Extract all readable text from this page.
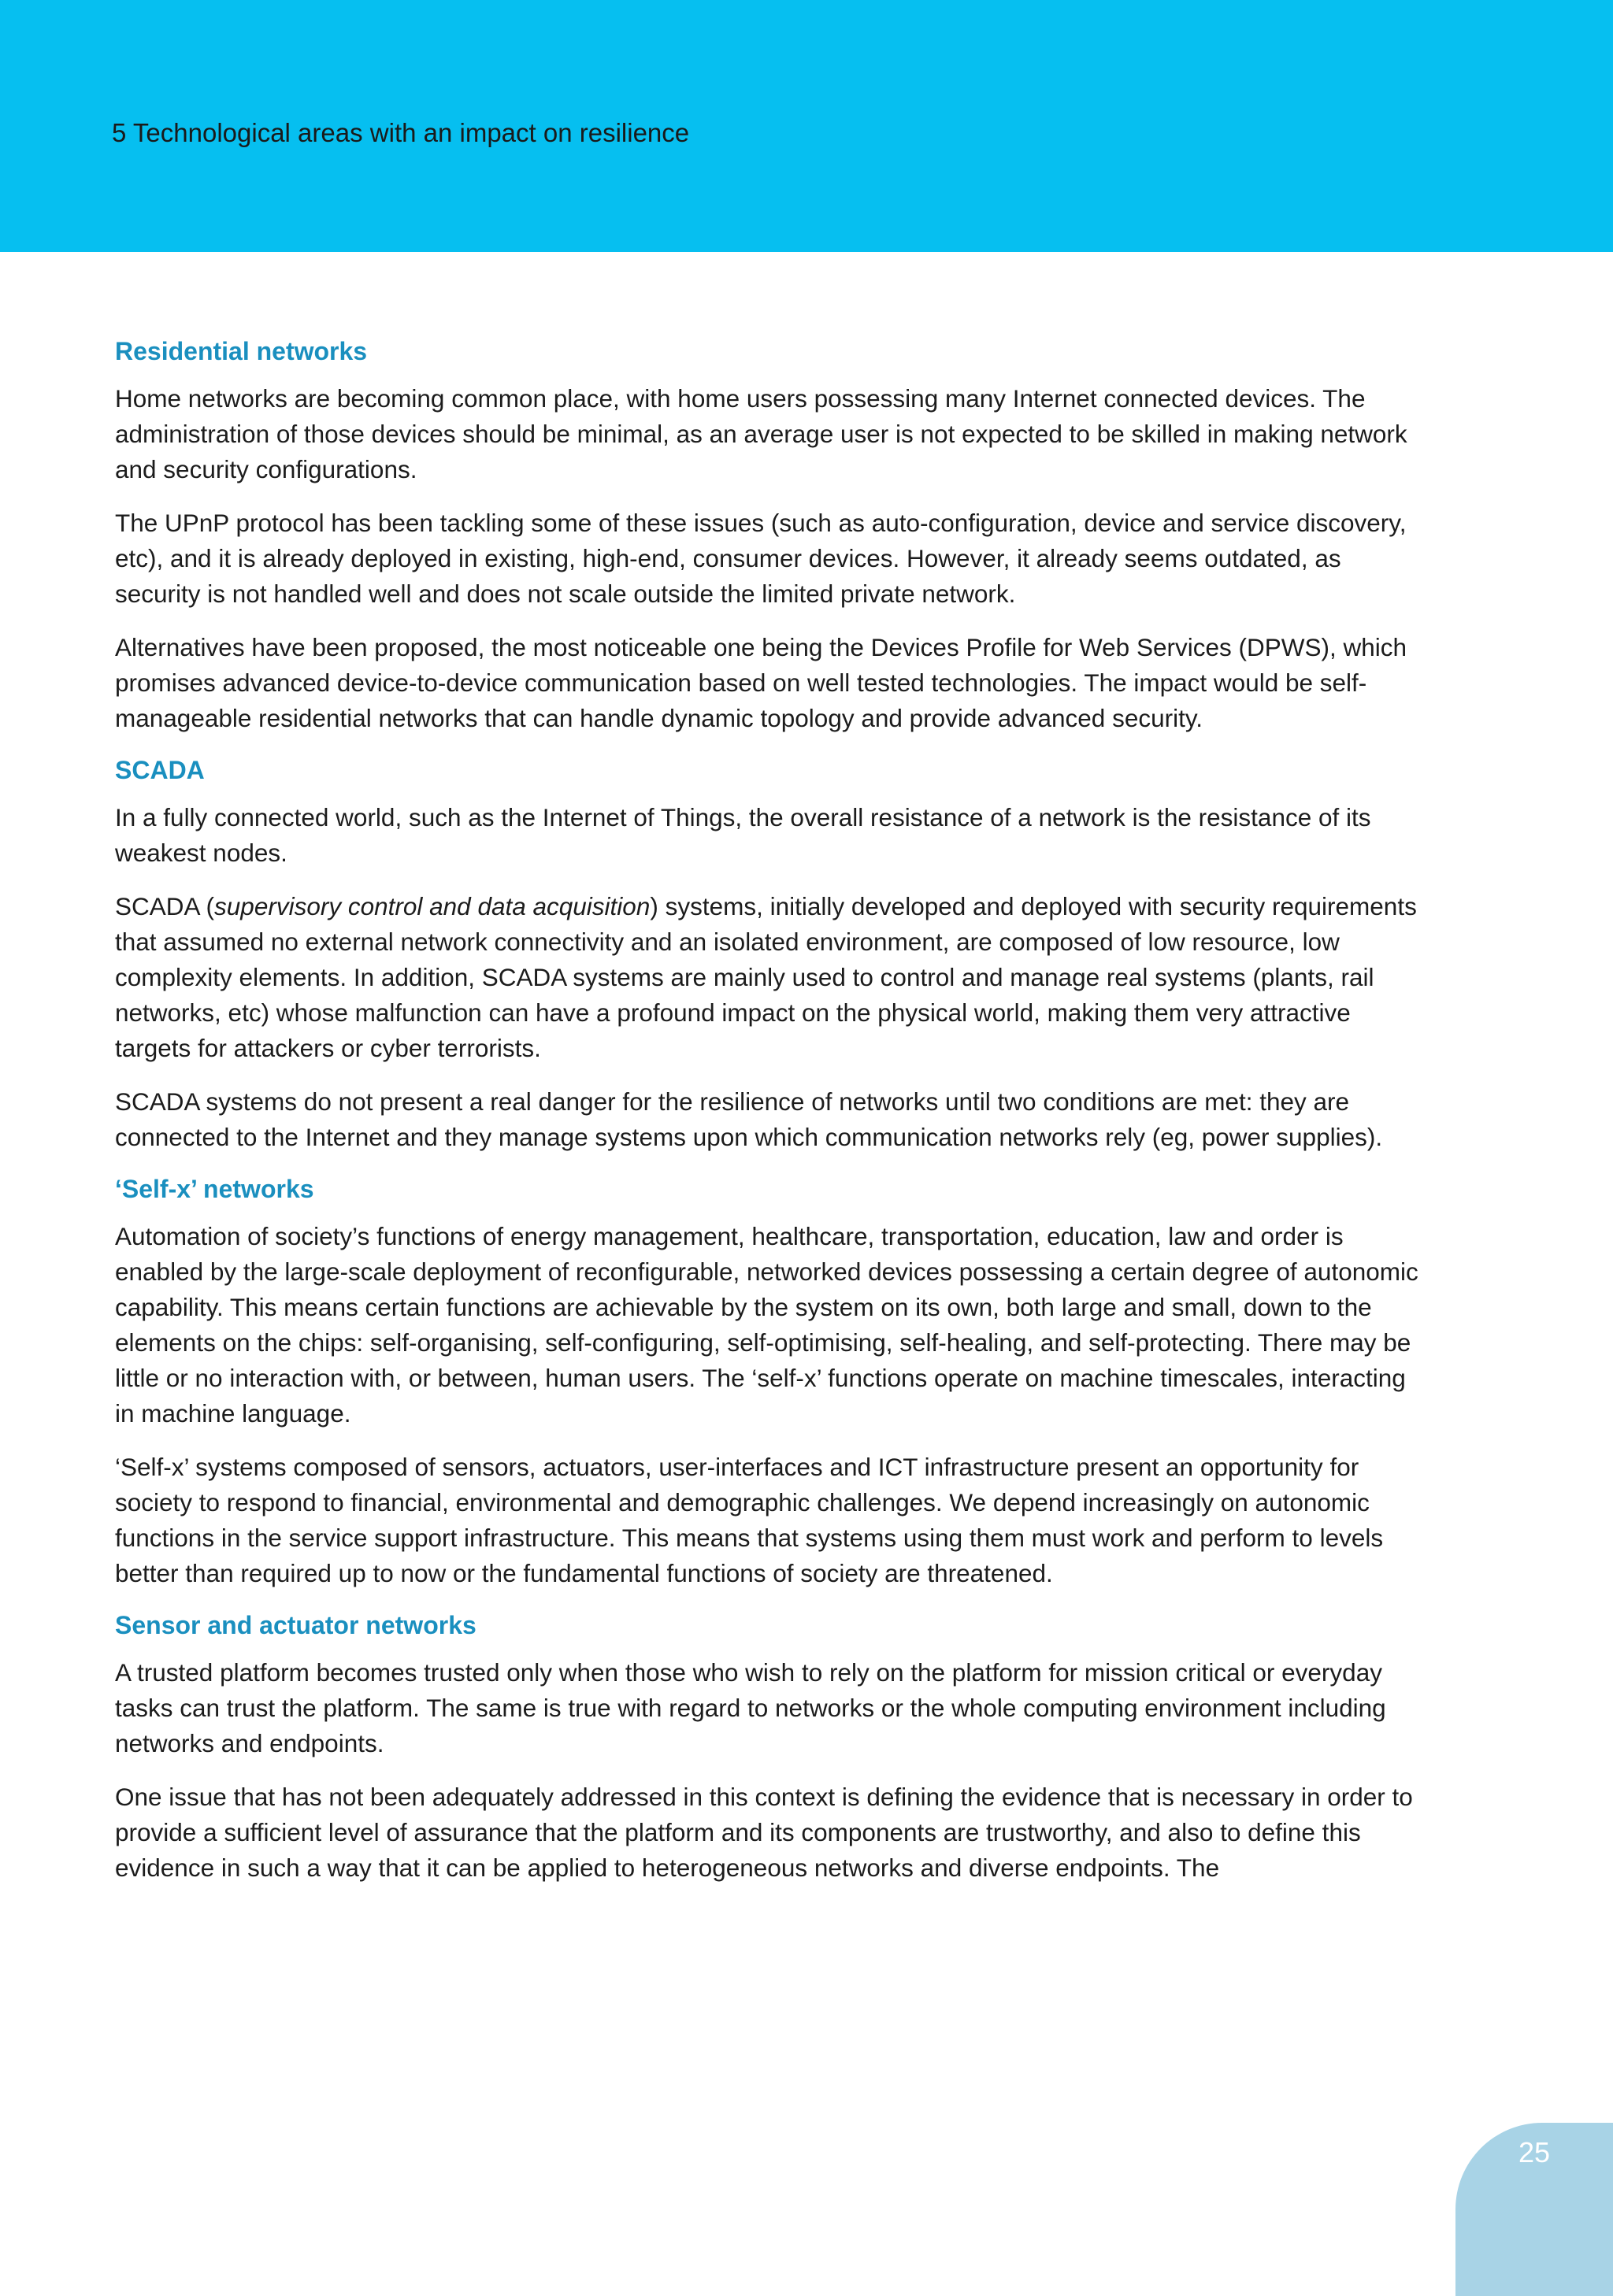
5 Technological areas with an impact on resilience
Residential networks

Home networks are becoming common place, with home users possessing many Internet connected devices. The administration of those devices should be minimal, as an average user is not expected to be skilled in making network and security configurations.

The UPnP protocol has been tackling some of these issues (such as auto-configuration, device and service discovery, etc), and it is already deployed in existing, high-end, consumer devices. However, it already seems outdated, as security is not handled well and does not scale outside the limited private network.

Alternatives have been proposed, the most noticeable one being the Devices Profile for Web Services (DPWS), which promises advanced device-to-device communication based on well tested technologies. The impact would be self-manageable residential networks that can handle dynamic topology and provide advanced security.

SCADA

In a fully connected world, such as the Internet of Things, the overall resistance of a network is the resistance of its weakest nodes.

SCADA (supervisory control and data acquisition) systems, initially developed and deployed with security requirements that assumed no external network connectivity and an isolated environment, are composed of low resource, low complexity elements. In addition, SCADA systems are mainly used to control and manage real systems (plants, rail networks, etc) whose malfunction can have a profound impact on the physical world, making them very attractive targets for attackers or cyber terrorists.

SCADA systems do not present a real danger for the resilience of networks until two conditions are met: they are connected to the Internet and they manage systems upon which communication networks rely (eg, power supplies).

‘Self-x’ networks

Automation of society’s functions of energy management, healthcare, transportation, education, law and order is enabled by the large-scale deployment of reconfigurable, networked devices possessing a certain degree of autonomic capability. This means certain functions are achievable by the system on its own, both large and small, down to the elements on the chips: self-organising, self-configuring, self-optimising, self-healing, and self-protecting. There may be little or no interaction with, or between, human users. The ‘self-x’ functions operate on machine timescales, interacting in machine language.

‘Self-x’ systems composed of sensors, actuators, user-interfaces and ICT infrastructure present an opportunity for society to respond to financial, environmental and demographic challenges. We depend increasingly on autonomic functions in the service support infrastructure. This means that systems using them must work and perform to levels better than required up to now or the fundamental functions of society are threatened.

Sensor and actuator networks

A trusted platform becomes trusted only when those who wish to rely on the platform for mission critical or everyday tasks can trust the platform. The same is true with regard to networks or the whole computing environment including networks and endpoints.

One issue that has not been adequately addressed in this context is defining the evidence that is necessary in order to provide a sufficient level of assurance that the platform and its components are trustworthy, and also to define this evidence in such a way that it can be applied to heterogeneous networks and diverse endpoints. The

25
